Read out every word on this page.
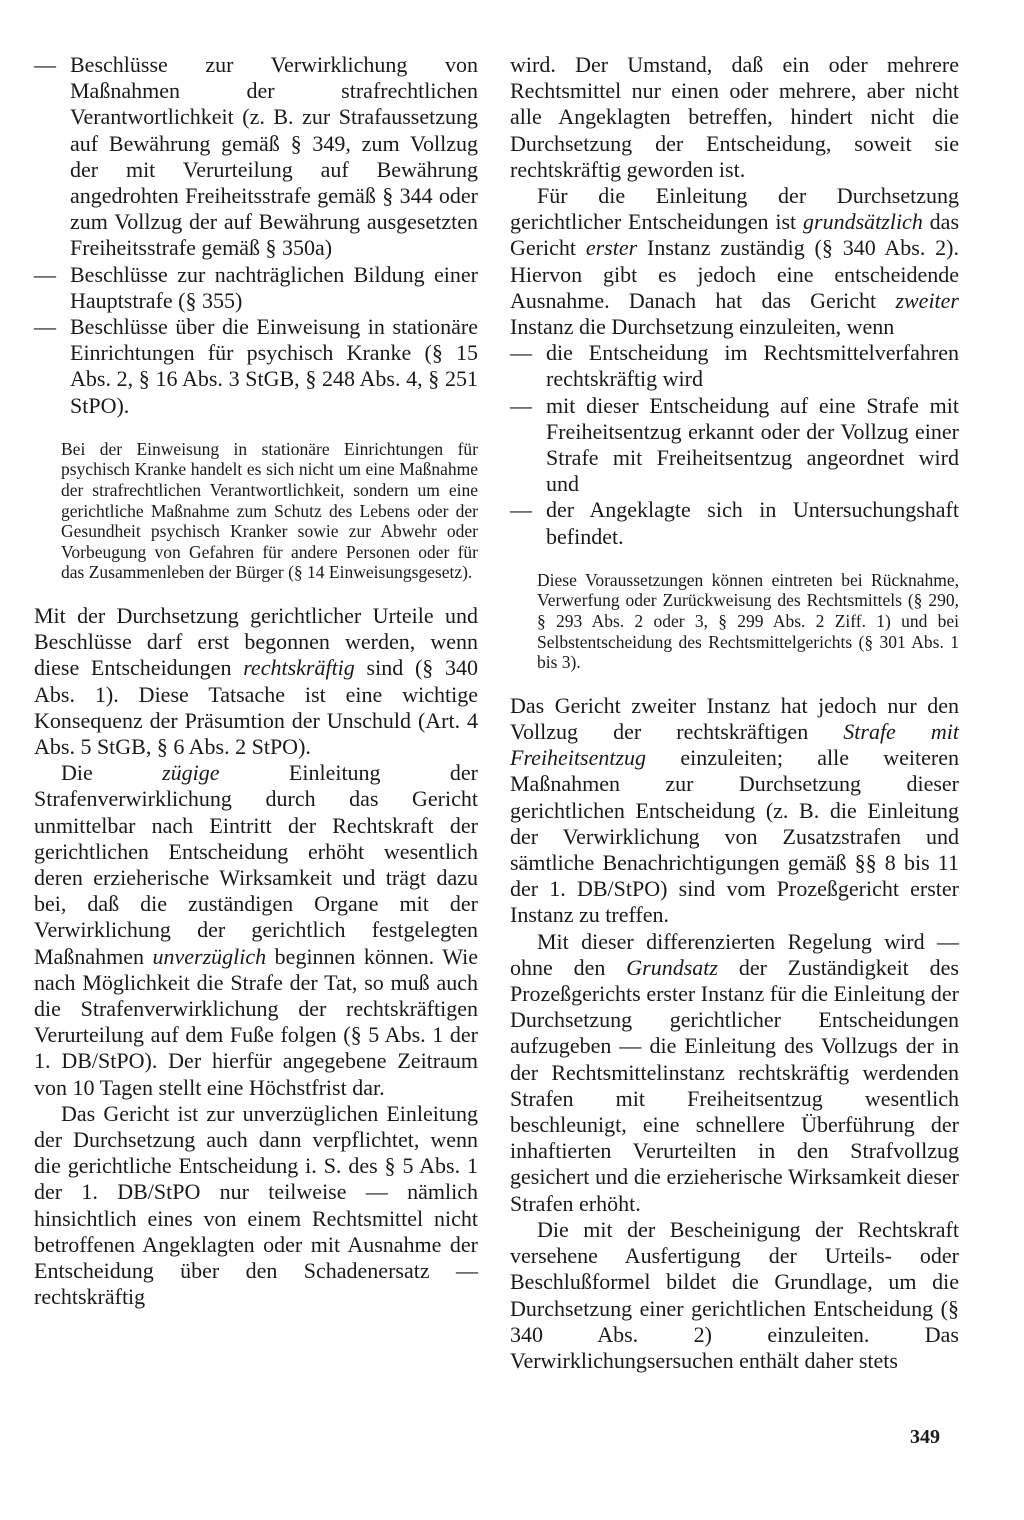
— Beschlüsse zur Verwirklichung von Maßnahmen der strafrechtlichen Verantwortlichkeit (z. B. zur Strafaussetzung auf Bewährung gemäß § 349, zum Vollzug der mit Verurteilung auf Bewährung angedrohten Freiheitsstrafe gemäß § 344 oder zum Vollzug der auf Bewährung ausgesetzten Freiheitsstrafe gemäß § 350a)
— Beschlüsse zur nachträglichen Bildung einer Hauptstrafe (§ 355)
— Beschlüsse über die Einweisung in stationäre Einrichtungen für psychisch Kranke (§ 15 Abs. 2, § 16 Abs. 3 StGB, § 248 Abs. 4, § 251 StPO).

Bei der Einweisung in stationäre Einrichtungen für psychisch Kranke handelt es sich nicht um eine Maßnahme der strafrechtlichen Verantwortlichkeit, sondern um eine gerichtliche Maßnahme zum Schutz des Lebens oder der Gesundheit psychisch Kranker sowie zur Abwehr oder Vorbeugung von Gefahren für andere Personen oder für das Zusammenleben der Bürger (§ 14 Einweisungsgesetz).

Mit der Durchsetzung gerichtlicher Urteile und Beschlüsse darf erst begonnen werden, wenn diese Entscheidungen rechtskräftig sind (§ 340 Abs. 1). Diese Tatsache ist eine wichtige Konsequenz der Präsumtion der Unschuld (Art. 4 Abs. 5 StGB, § 6 Abs. 2 StPO).

Die zügige Einleitung der Strafenverwirklichung durch das Gericht unmittelbar nach Eintritt der Rechtskraft der gerichtlichen Entscheidung erhöht wesentlich deren erzieherische Wirksamkeit und trägt dazu bei, daß die zuständigen Organe mit der Verwirklichung der gerichtlich festgelegten Maßnahmen unverzüglich beginnen können. Wie nach Möglichkeit die Strafe der Tat, so muß auch die Strafenverwirklichung der rechtskräftigen Verurteilung auf dem Fuße folgen (§ 5 Abs. 1 der 1. DB/StPO). Der hierfür angegebene Zeitraum von 10 Tagen stellt eine Höchstfrist dar.

Das Gericht ist zur unverzüglichen Einleitung der Durchsetzung auch dann verpflichtet, wenn die gerichtliche Entscheidung i. S. des § 5 Abs. 1 der 1. DB/StPO nur teilweise — nämlich hinsichtlich eines von einem Rechtsmittel nicht betroffenen Angeklagten oder mit Ausnahme der Entscheidung über den Schadenersatz — rechtskräftig

wird. Der Umstand, daß ein oder mehrere Rechtsmittel nur einen oder mehrere, aber nicht alle Angeklagten betreffen, hindert nicht die Durchsetzung der Entscheidung, soweit sie rechtskräftig geworden ist.

Für die Einleitung der Durchsetzung gerichtlicher Entscheidungen ist grundsätzlich das Gericht erster Instanz zuständig (§ 340 Abs. 2). Hiervon gibt es jedoch eine entscheidende Ausnahme. Danach hat das Gericht zweiter Instanz die Durchsetzung einzuleiten, wenn

— die Entscheidung im Rechtsmittelverfahren rechtskräftig wird
— mit dieser Entscheidung auf eine Strafe mit Freiheitsentzug erkannt oder der Vollzug einer Strafe mit Freiheitsentzug angeordnet wird und
— der Angeklagte sich in Untersuchungshaft befindet.

Diese Voraussetzungen können eintreten bei Rücknahme, Verwerfung oder Zurückweisung des Rechtsmittels (§ 290, § 293 Abs. 2 oder 3, § 299 Abs. 2 Ziff. 1) und bei Selbstentscheidung des Rechtsmittelgerichts (§ 301 Abs. 1 bis 3).

Das Gericht zweiter Instanz hat jedoch nur den Vollzug der rechtskräftigen Strafe mit Freiheitsentzug einzuleiten; alle weiteren Maßnahmen zur Durchsetzung dieser gerichtlichen Entscheidung (z. B. die Einleitung der Verwirklichung von Zusatzstrafen und sämtliche Benachrichtigungen gemäß §§ 8 bis 11 der 1. DB/StPO) sind vom Prozeßgericht erster Instanz zu treffen.

Mit dieser differenzierten Regelung wird — ohne den Grundsatz der Zuständigkeit des Prozeßgerichts erster Instanz für die Einleitung der Durchsetzung gerichtlicher Entscheidungen aufzugeben — die Einleitung des Vollzugs der in der Rechtsmittelinstanz rechtskräftig werdenden Strafen mit Freiheitsentzug wesentlich beschleunigt, eine schnellere Überführung der inhaftierten Verurteilten in den Strafvollzug gesichert und die erzieherische Wirksamkeit dieser Strafen erhöht.

Die mit der Bescheinigung der Rechtskraft versehene Ausfertigung der Urteils- oder Beschlußformel bildet die Grundlage, um die Durchsetzung einer gerichtlichen Entscheidung (§ 340 Abs. 2) einzuleiten. Das Verwirklichungsersuchen enthält daher stets

349
